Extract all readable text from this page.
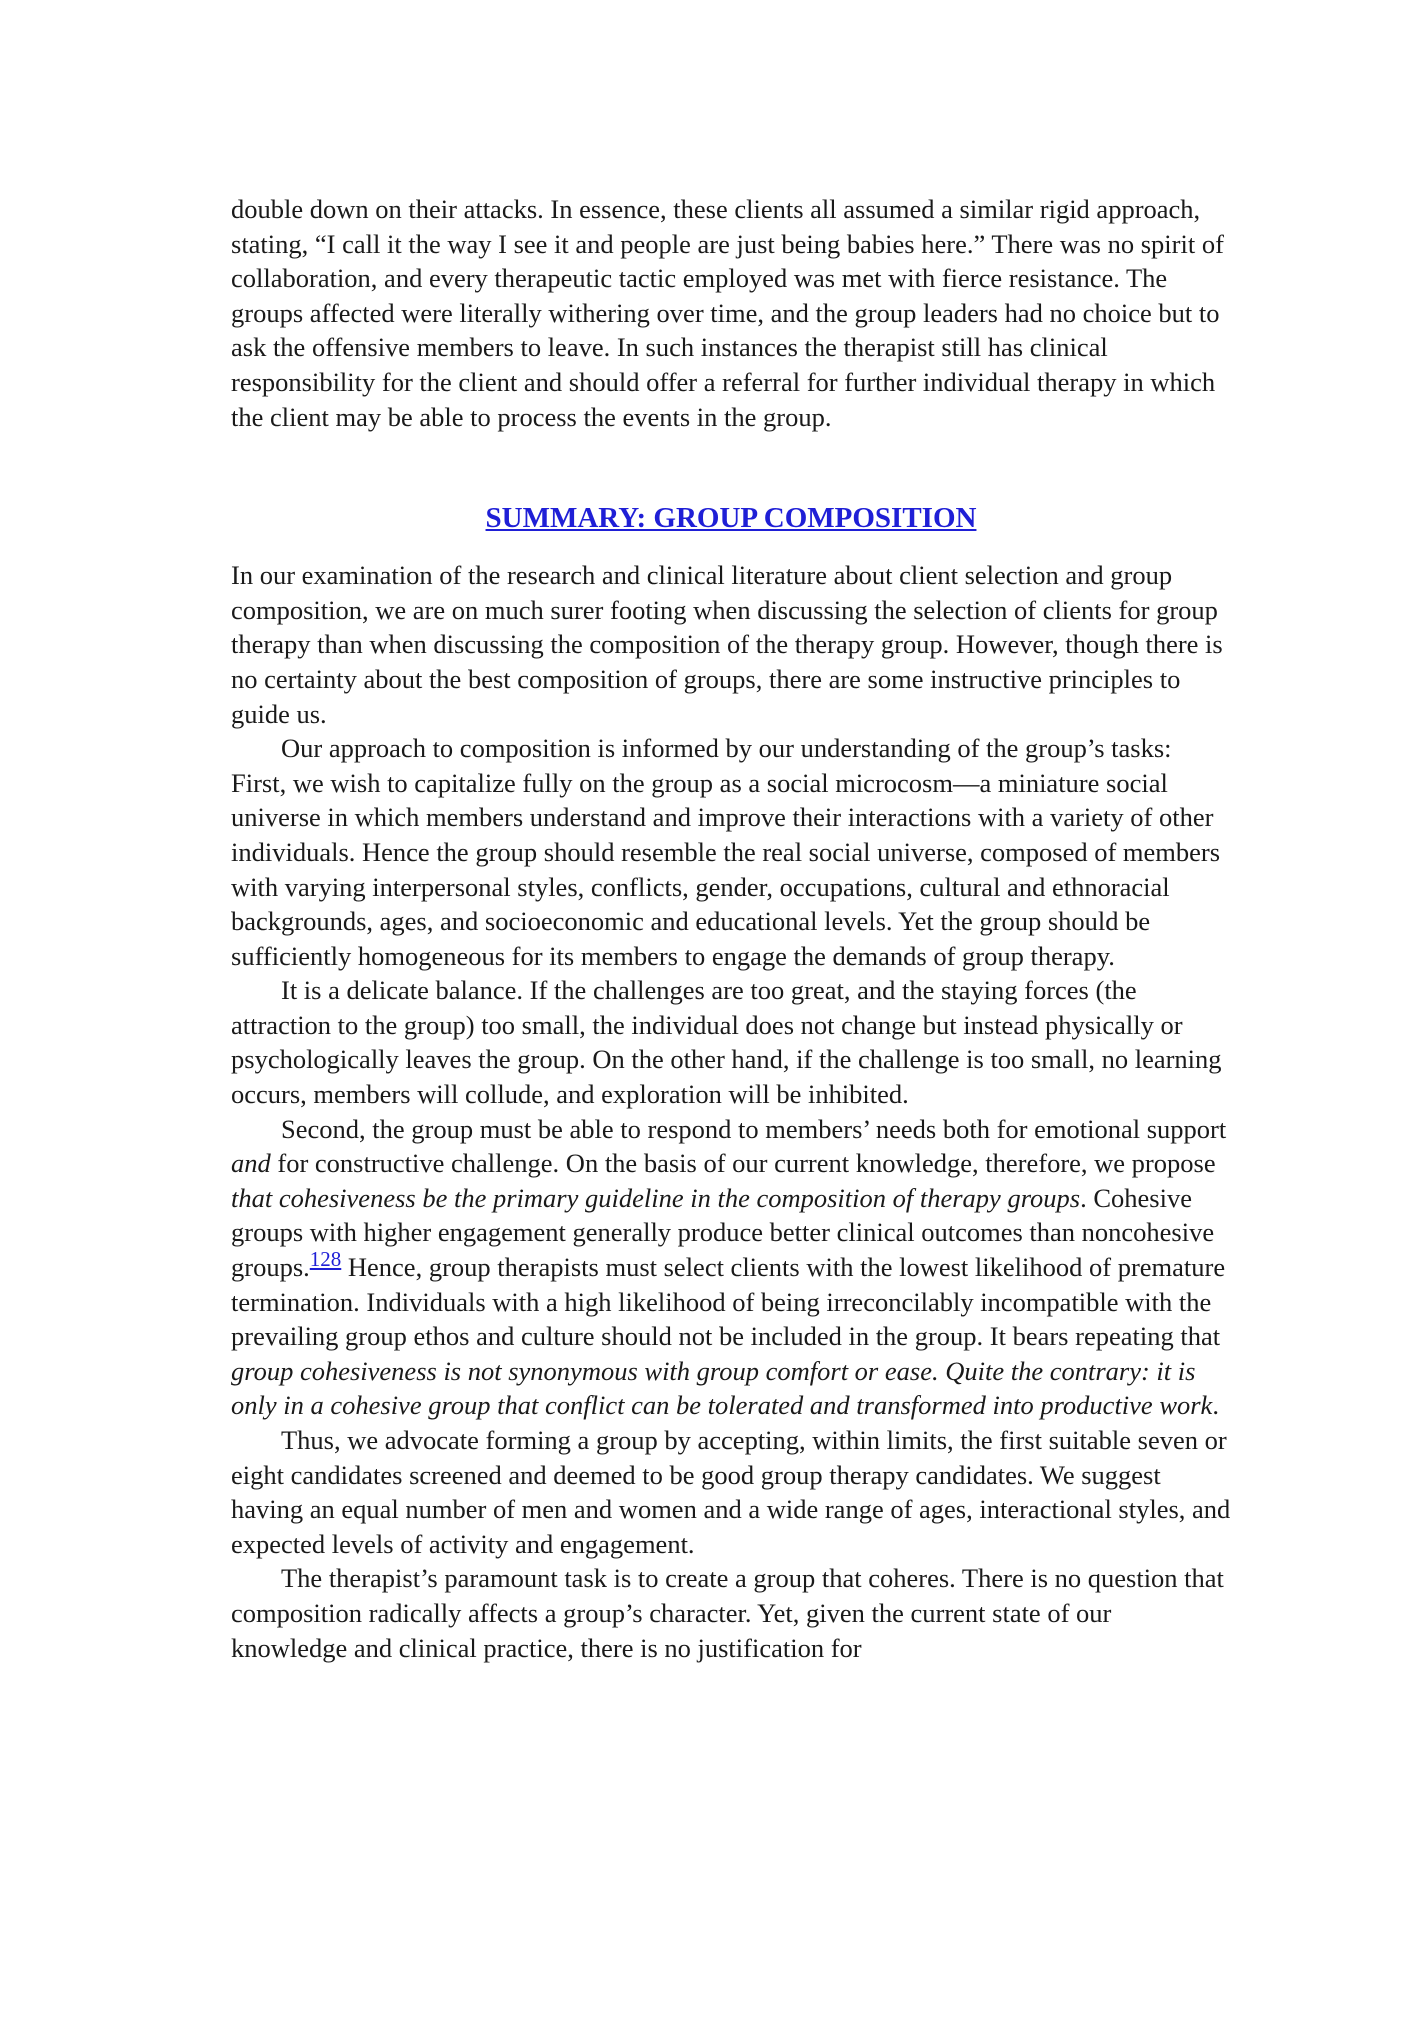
double down on their attacks. In essence, these clients all assumed a similar rigid approach, stating, “I call it the way I see it and people are just being babies here.” There was no spirit of collaboration, and every therapeutic tactic employed was met with fierce resistance. The groups affected were literally withering over time, and the group leaders had no choice but to ask the offensive members to leave. In such instances the therapist still has clinical responsibility for the client and should offer a referral for further individual therapy in which the client may be able to process the events in the group.

SUMMARY: GROUP COMPOSITION

In our examination of the research and clinical literature about client selection and group composition, we are on much surer footing when discussing the selection of clients for group therapy than when discussing the composition of the therapy group. However, though there is no certainty about the best composition of groups, there are some instructive principles to guide us.

Our approach to composition is informed by our understanding of the group’s tasks: First, we wish to capitalize fully on the group as a social microcosm—a miniature social universe in which members understand and improve their interactions with a variety of other individuals. Hence the group should resemble the real social universe, composed of members with varying interpersonal styles, conflicts, gender, occupations, cultural and ethnoracial backgrounds, ages, and socioeconomic and educational levels. Yet the group should be sufficiently homogeneous for its members to engage the demands of group therapy.

It is a delicate balance. If the challenges are too great, and the staying forces (the attraction to the group) too small, the individual does not change but instead physically or psychologically leaves the group. On the other hand, if the challenge is too small, no learning occurs, members will collude, and exploration will be inhibited.

Second, the group must be able to respond to members’ needs both for emotional support and for constructive challenge. On the basis of our current knowledge, therefore, we propose that cohesiveness be the primary guideline in the composition of therapy groups. Cohesive groups with higher engagement generally produce better clinical outcomes than noncohesive groups.$^{128}$ Hence, group therapists must select clients with the lowest likelihood of premature termination. Individuals with a high likelihood of being irreconcilably incompatible with the prevailing group ethos and culture should not be included in the group. It bears repeating that group cohesiveness is not synonymous with group comfort or ease. Quite the contrary: it is only in a cohesive group that conflict can be tolerated and transformed into productive work.

Thus, we advocate forming a group by accepting, within limits, the first suitable seven or eight candidates screened and deemed to be good group therapy candidates. We suggest having an equal number of men and women and a wide range of ages, interactional styles, and expected levels of activity and engagement.

The therapist’s paramount task is to create a group that coheres. There is no question that composition radically affects a group’s character. Yet, given the current state of our knowledge and clinical practice, there is no justification for
